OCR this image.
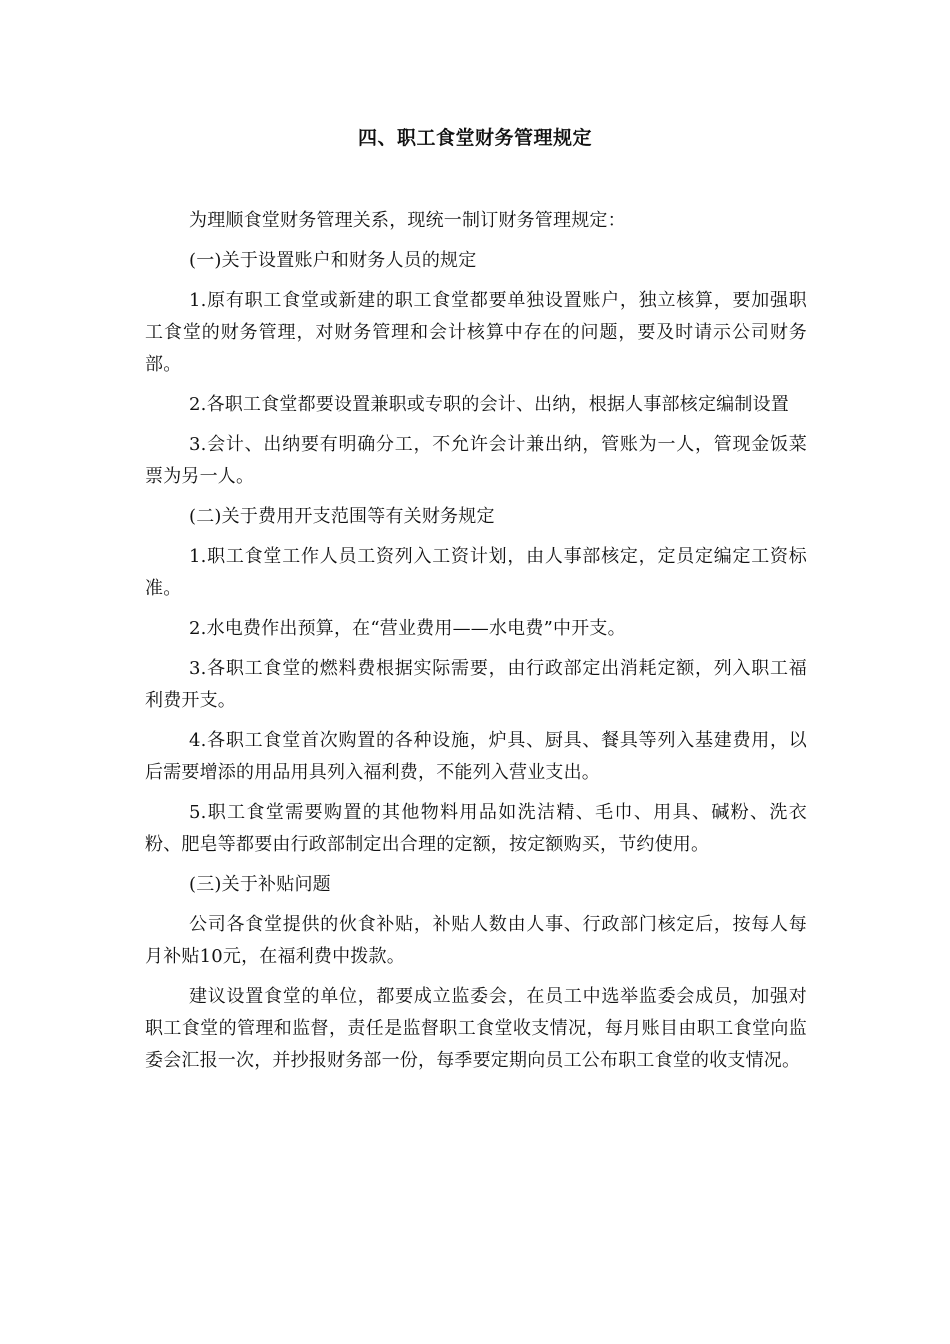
四、职工食堂财务管理规定

为理顺食堂财务管理关系，现统一制订财务管理规定：

(一)关于设置账户和财务人员的规定

1.原有职工食堂或新建的职工食堂都要单独设置账户，独立核算，要加强职工食堂的财务管理，对财务管理和会计核算中存在的问题，要及时请示公司财务部。

2.各职工食堂都要设置兼职或专职的会计、出纳，根据人事部核定编制设置

3.会计、出纳要有明确分工，不允许会计兼出纳，管账为一人，管现金饭菜票为另一人。

(二)关于费用开支范围等有关财务规定

1.职工食堂工作人员工资列入工资计划，由人事部核定，定员定编定工资标准。

2.水电费作出预算，在“营业费用——水电费”中开支。

3.各职工食堂的燃料费根据实际需要，由行政部定出消耗定额，列入职工福利费开支。

4.各职工食堂首次购置的各种设施，炉具、厨具、餐具等列入基建费用，以后需要增添的用品用具列入福利费，不能列入营业支出。

5.职工食堂需要购置的其他物料用品如洗洁精、毛巾、用具、碱粉、洗衣粉、肥皂等都要由行政部制定出合理的定额，按定额购买，节约使用。

(三)关于补贴问题

公司各食堂提供的伙食补贴，补贴人数由人事、行政部门核定后，按每人每月补贴10元，在福利费中拨款。

建议设置食堂的单位，都要成立监委会，在员工中选举监委会成员，加强对职工食堂的管理和监督，责任是监督职工食堂收支情况，每月账目由职工食堂向监委会汇报一次，并抄报财务部一份，每季要定期向员工公布职工食堂的收支情况。
